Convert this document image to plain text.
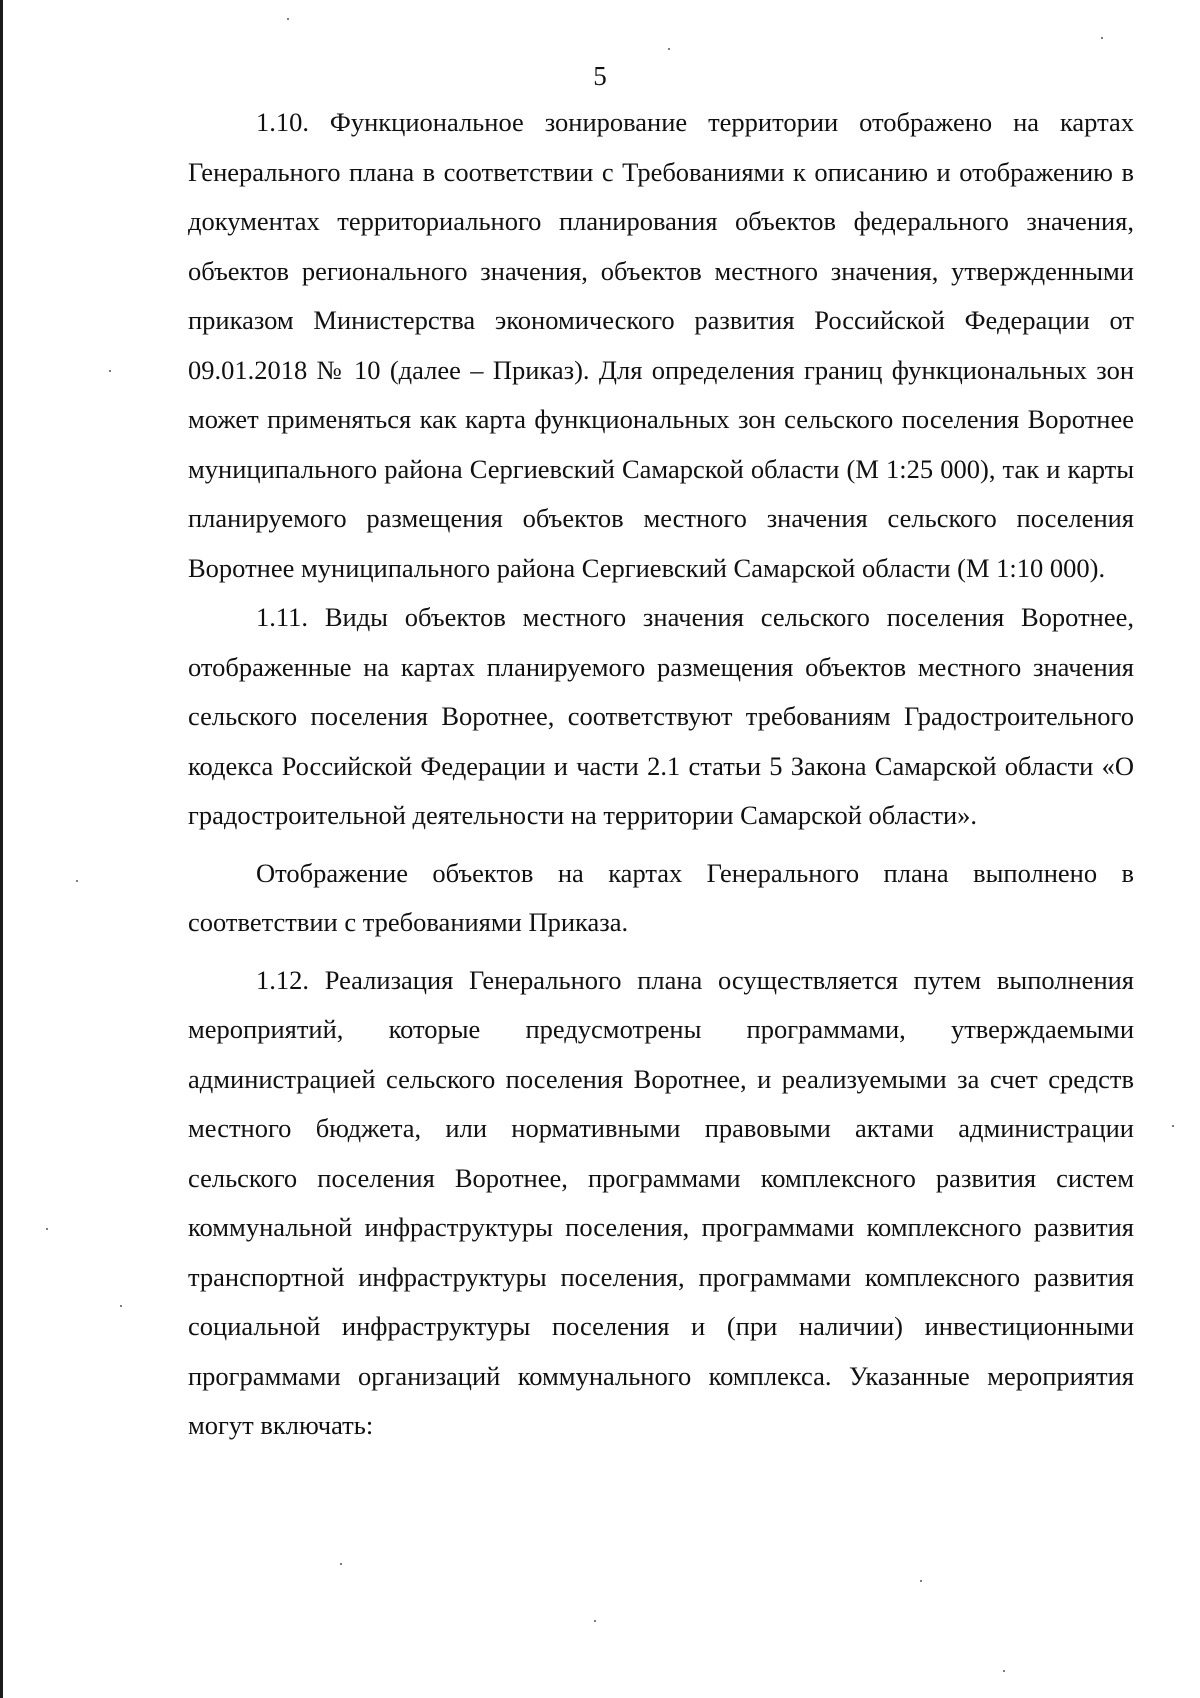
5

1.10. Функциональное зонирование территории отображено на картах Генерального плана в соответствии с Требованиями к описанию и отображению в документах территориального планирования объектов федерального значения, объектов регионального значения, объектов местного значения, утвержденными приказом Министерства экономического развития Российской Федерации от 09.01.2018 № 10 (далее – Приказ). Для определения границ функциональных зон может применяться как карта функциональных зон сельского поселения Воротнее муниципального района Сергиевский Самарской области (М 1:25 000), так и карты планируемого размещения объектов местного значения сельского поселения Воротнее муниципального района Сергиевский Самарской области (М 1:10 000).

1.11. Виды объектов местного значения сельского поселения Воротнее, отображенные на картах планируемого размещения объектов местного значения сельского поселения Воротнее, соответствуют требованиям Градостроительного кодекса Российской Федерации и части 2.1 статьи 5 Закона Самарской области «О градостроительной деятельности на территории Самарской области».

Отображение объектов на картах Генерального плана выполнено в соответствии с требованиями Приказа.

1.12. Реализация Генерального плана осуществляется путем выполнения мероприятий, которые предусмотрены программами, утверждаемыми администрацией сельского поселения Воротнее, и реализуемыми за счет средств местного бюджета, или нормативными правовыми актами администрации сельского поселения Воротнее, программами комплексного развития систем коммунальной инфраструктуры поселения, программами комплексного развития транспортной инфраструктуры поселения, программами комплексного развития социальной инфраструктуры поселения и (при наличии) инвестиционными программами организаций коммунального комплекса. Указанные мероприятия могут включать:
